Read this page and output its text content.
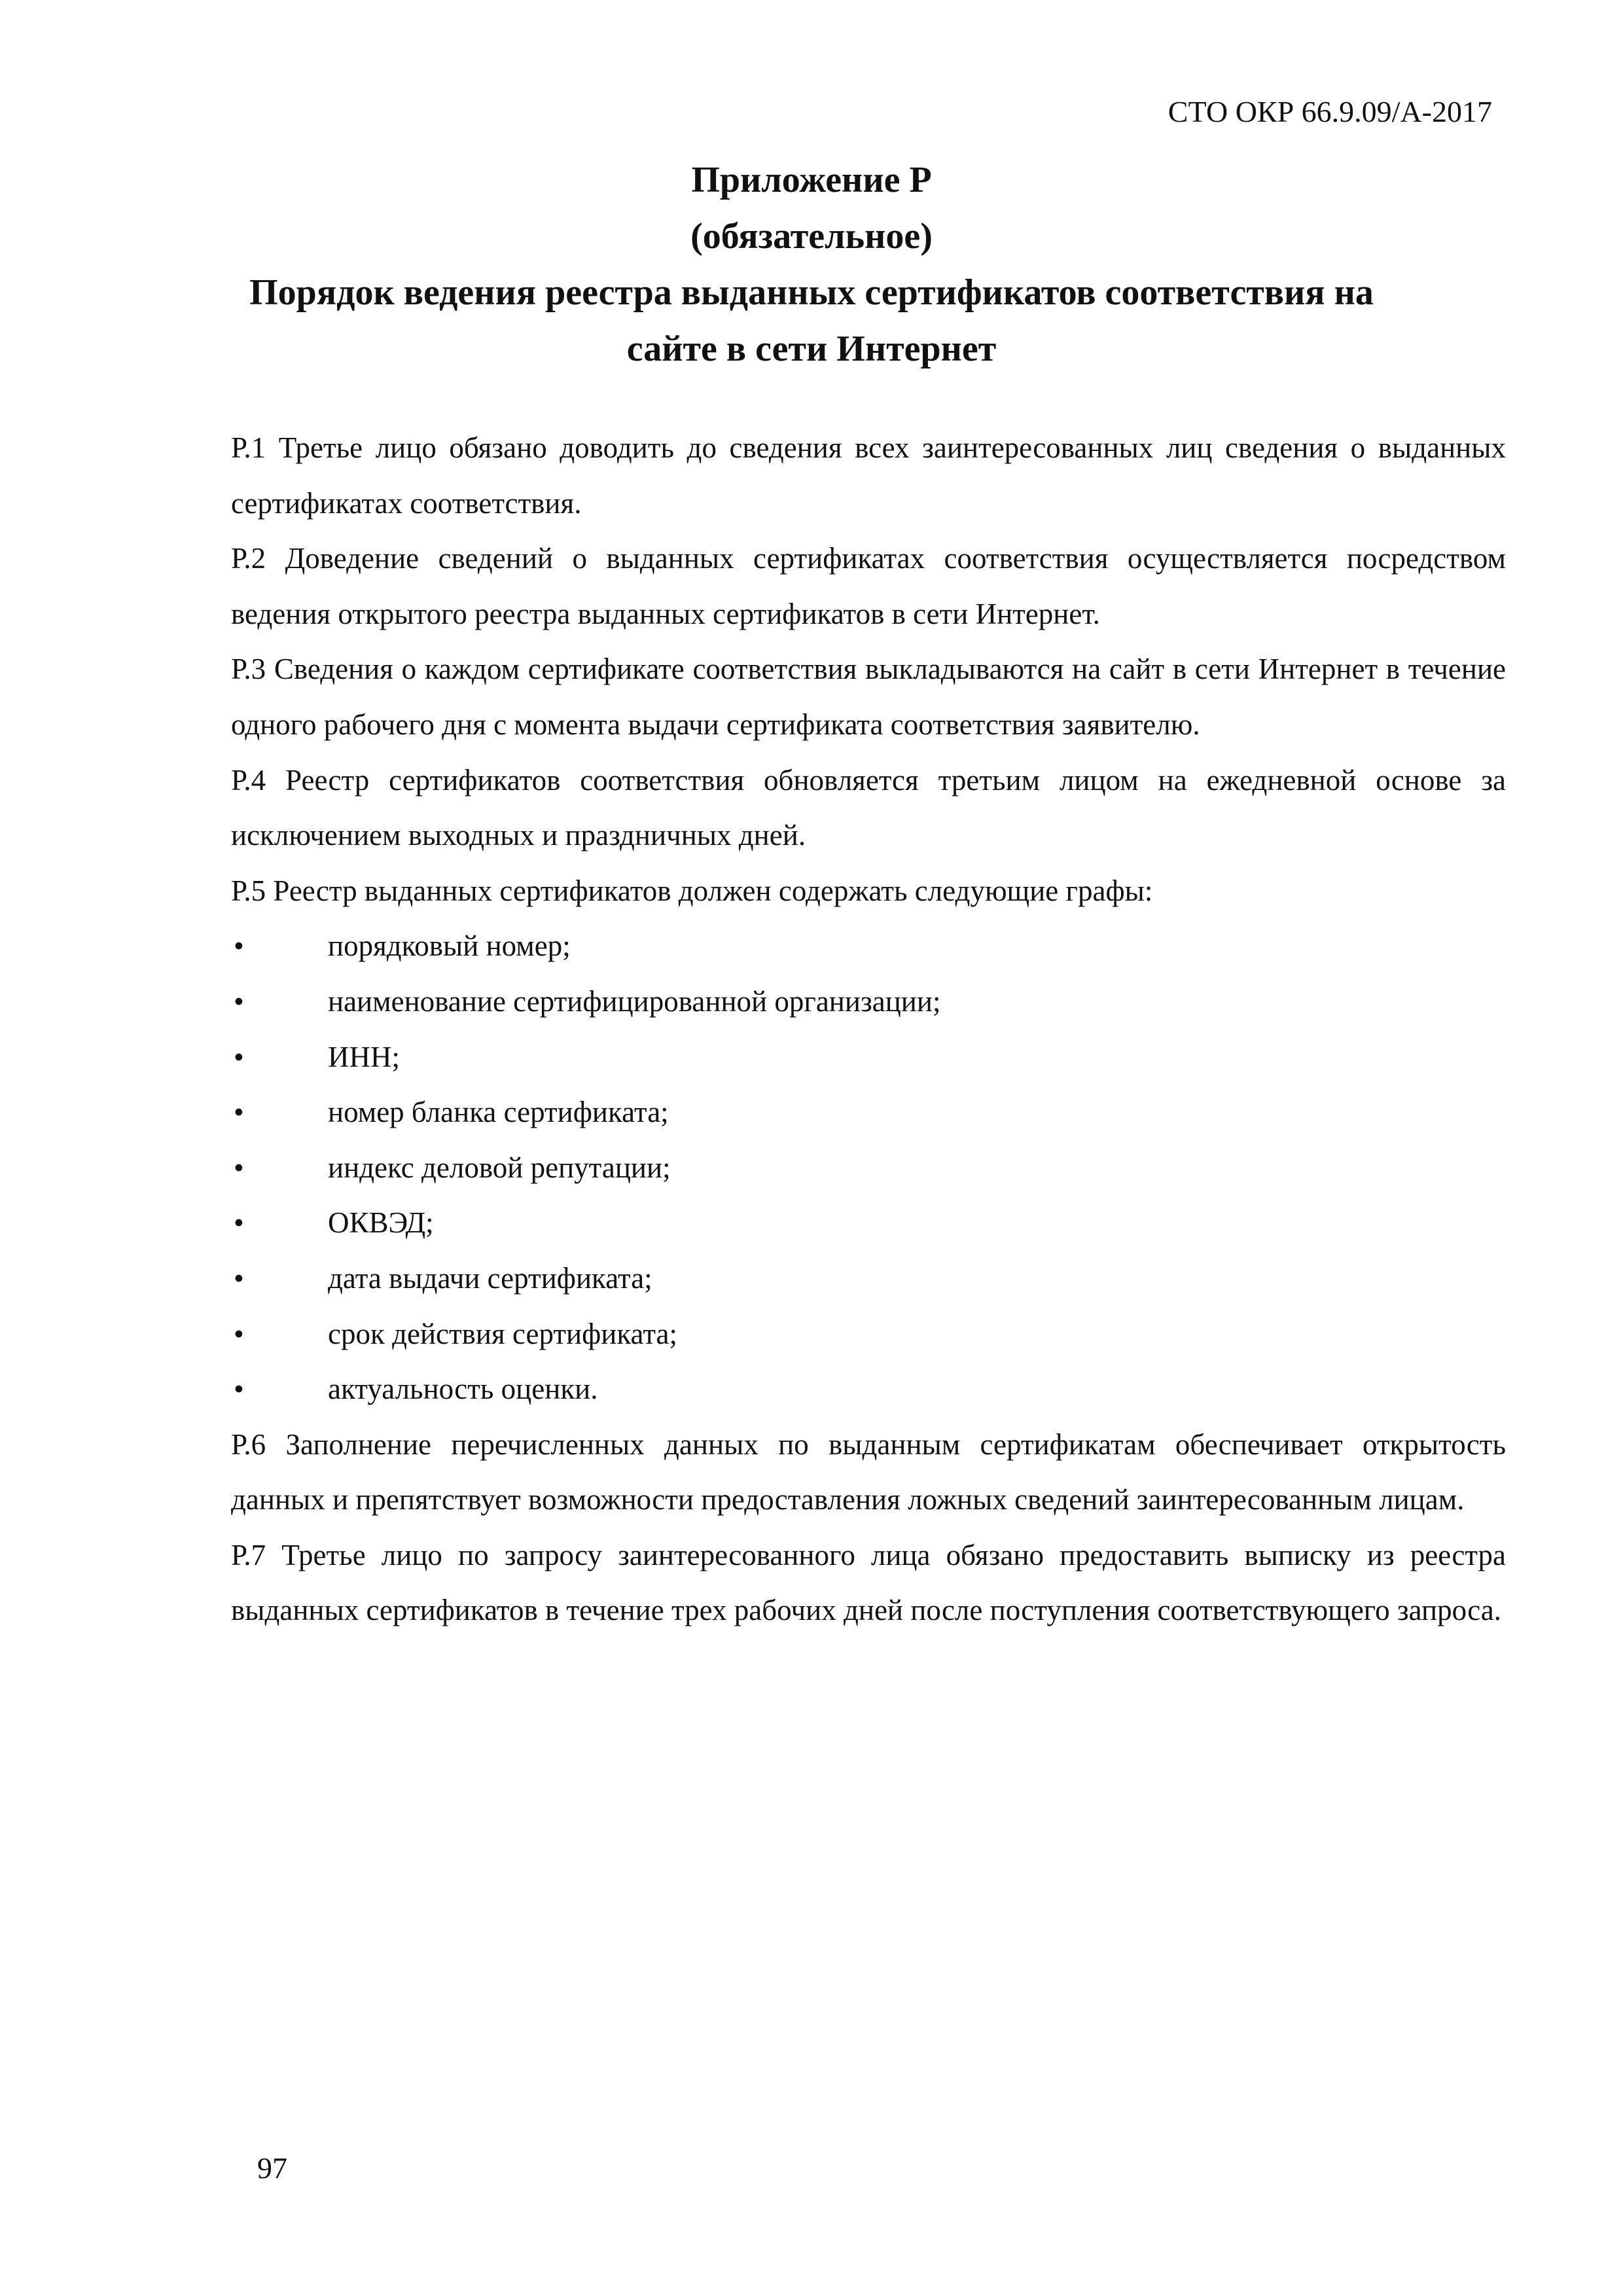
СТО ОКР 66.9.09/А-2017
Приложение Р
(обязательное)
Порядок ведения реестра выданных сертификатов соответствия на сайте в сети Интернет

Р.1 Третье лицо обязано доводить до сведения всех заинтересованных лиц сведения о выданных сертификатах соответствия.

Р.2 Доведение сведений о выданных сертификатах соответствия осуществляется посредством ведения открытого реестра выданных сертификатов в сети Интернет.

Р.3 Сведения о каждом сертификате соответствия выкладываются на сайт в сети Интернет в течение одного рабочего дня с момента выдачи сертификата соответствия заявителю.

Р.4 Реестр сертификатов соответствия обновляется третьим лицом на ежедневной основе за исключением выходных и праздничных дней.

Р.5 Реестр выданных сертификатов должен содержать следующие графы:

•	порядковый номер;
•	наименование сертифицированной организации;
•	ИНН;
•	номер бланка сертификата;
•	индекс деловой репутации;
•	ОКВЭД;
•	дата выдачи сертификата;
•	срок действия сертификата;
•	актуальность оценки.

Р.6 Заполнение перечисленных данных по выданным сертификатам обеспечивает открытость данных и препятствует возможности предоставления ложных сведений заинтересованным лицам.

Р.7 Третье лицо по запросу заинтересованного лица обязано предоставить выписку из реестра выданных сертификатов в течение трех рабочих дней после поступления соответствующего запроса.

97
